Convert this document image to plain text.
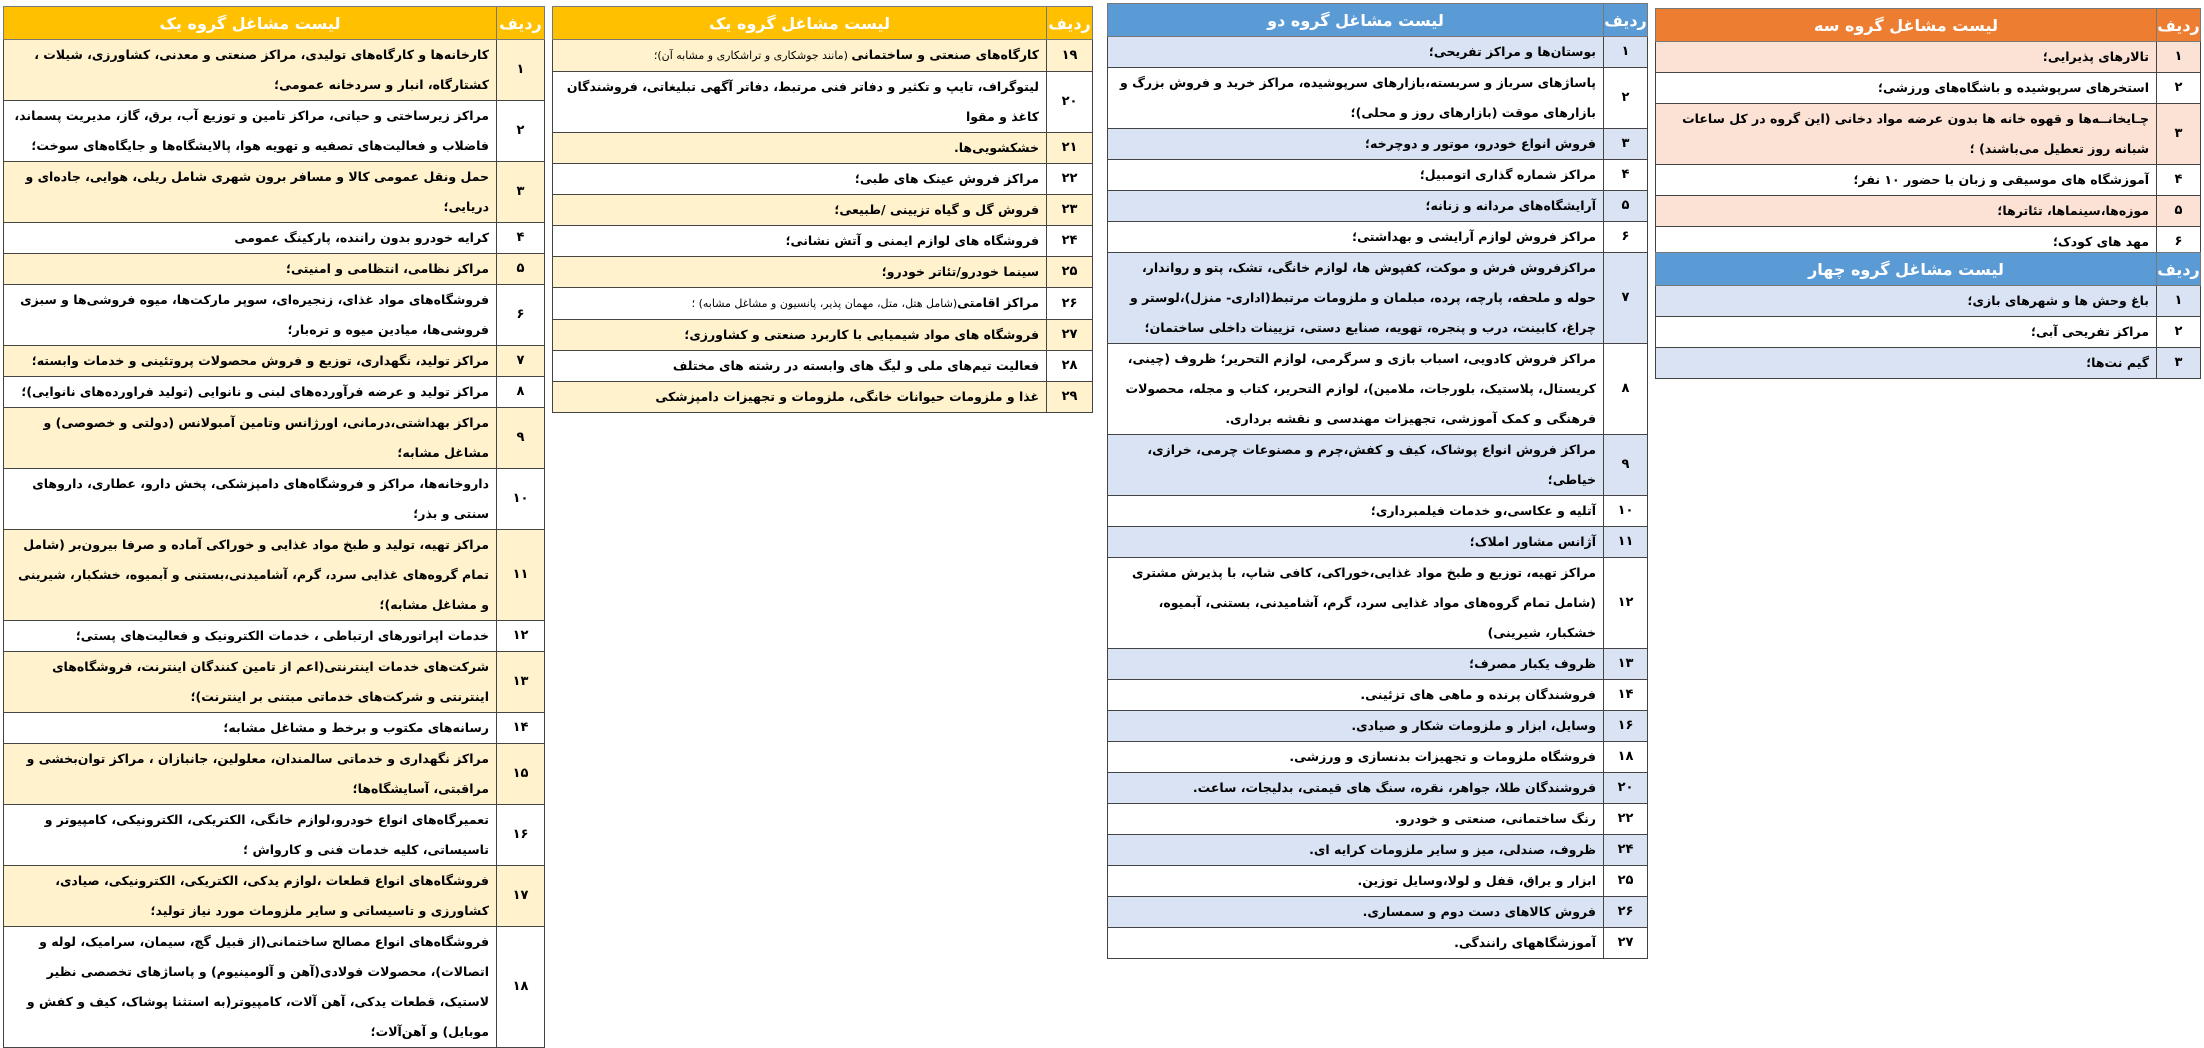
ردیف	لیست مشاغل گروه یک
۱	کارخانه‌ها و کارگاه‌های تولیدی، مراکز صنعتی و معدنی، کشاورزی، شیلات ، کشتارگاه، انبار و سردخانه عمومی؛
۲	مراکز زیرساختی و حیاتی، مراکز تامین و توزیع آب، برق، گاز، مدیریت پسماند، فاضلاب و فعالیت‌های تصفیه و تهویه هوا، پالایشگاه‌ها و جایگاه‌های سوخت؛
۳	حمل ونقل عمومی کالا و مسافر برون شهری شامل ریلی، هوایی، جاده‌ای و دریایی؛
۴	کرایه خودرو بدون راننده، پارکینگ عمومی
۵	مراکز نظامی، انتظامی و امنیتی؛
۶	فروشگاه‌های مواد غذای، زنجیره‌ای، سوپر مارکت‌ها، میوه فروشی‌ها و سبزی فروشی‌ها، میادین میوه و تره‌بار؛
۷	مراکز تولید، نگهداری، توزیع و فروش محصولات پروتئینی و خدمات وابسته؛
۸	مراکز تولید و عرضه فرآورده‌های لبنی و نانوایی (تولید فراورده‌های نانوایی)؛
۹	مراکز بهداشتی،درمانی، اورژانس وتامین آمبولانس (دولتی و خصوصی) و مشاغل مشابه؛
۱۰	داروخانه‌ها، مراکز و فروشگاه‌های دامپزشکی، پخش دارو، عطاری، داروهای سنتی و بذر؛
۱۱	مراکز تهیه، تولید و طبخ مواد غذایی و خوراکی آماده و صرفا بیرون‌بر (شامل تمام گروه‌های غذایی سرد، گرم، آشامیدنی،بستنی و آبمیوه، خشکبار، شیرینی و مشاغل مشابه)؛
۱۲	خدمات اپراتورهای ارتباطی ، خدمات الکترونیک و فعالیت‌های پستی؛
۱۳	شرکت‌های خدمات اینترنتی(اعم از تامین کنندگان اینترنت، فروشگاه‌های اینترنتی و شرکت‌های خدماتی مبتنی بر اینترنت)؛
۱۴	رسانه‌های مکتوب و برخط و مشاغل مشابه؛
۱۵	مراکز نگهداری و خدماتی سالمندان، معلولین، جانبازان ، مراکز توان‌بخشی و مراقبتی، آسایشگاه‌ها؛
۱۶	تعمیرگاه‌های انواع خودرو،لوازم خانگی، الکتریکی، الکترونیکی، کامپیوتر و تاسیساتی، کلیه خدمات فنی و کارواش ؛
۱۷	فروشگاه‌های انواع قطعات ،لوازم یدکی، الکتریکی، الکترونیکی، صیادی، کشاورزی و تاسیساتی و سایر ملزومات مورد نیاز تولید؛
۱۸	فروشگاه‌های انواع مصالح ساختمانی(از قبیل گچ، سیمان، سرامیک، لوله و اتصالات)، محصولات فولادی(آهن و آلومینیوم) و پاساژهای تخصصی نظیر لاستیک، قطعات یدکی، آهن آلات، کامپیوتر(به استثنا پوشاک، کیف و کفش و موبایل) و آهن‌آلات؛
ردیف	لیست مشاغل گروه یک
۱۹	کارگاه‌های صنعتی و ساختمانی (مانند جوشکاری و تراشکاری و مشابه آن)؛
۲۰	لیتوگراف، تایپ و تکثیر و دفاتر فنی مرتبط، دفاتر آگهی تبلیغاتی، فروشندگان کاغذ و مقوا
۲۱	خشکشویی‌ها.
۲۲	مراکز فروش عینک های طبی؛
۲۳	فروش گل و گیاه تزیینی /طبیعی؛
۲۴	فروشگاه های لوازم ایمنی و آتش نشانی؛
۲۵	سینما خودرو/تئاتر خودرو؛
۲۶	مراکز اقامتی(شامل هتل، متل، مهمان پذیر، پانسیون و مشاغل مشابه) ؛
۲۷	فروشگاه های مواد شیمیایی با کاربرد صنعتی و کشاورزی؛
۲۸	فعالیت تیم‌های ملی و لیگ های وابسته در رشته های مختلف
۲۹	غذا و ملزومات حیوانات خانگی، ملزومات و تجهیزات دامپزشکی
ردیف	لیست مشاغل گروه دو
۱	بوستان‌ها و مراکز تفریحی؛
۲	پاساژهای سرباز و سربسته،بازارهای سرپوشیده، مراکز خرید و فروش بزرگ و بازارهای موقت (بازارهای روز و محلی)؛
۳	فروش انواع خودرو، موتور و دوچرخه؛
۴	مراکز شماره گذاری اتومبیل؛
۵	آرایشگاه‌های مردانه و زنانه؛
۶	مراکز فروش لوازم آرایشی و بهداشتی؛
۷	مراکزفروش فرش و موکت، کفپوش ها، لوازم خانگی، تشک، پتو و رواندار، حوله و ملحفه، پارچه، پرده، مبلمان و ملزومات مرتبط(اداری- منزل)،لوستر و چراغ، کابینت، درب و پنجره، تهویه، صنایع دستی، تزیینات داخلی ساختمان؛
۸	مراکز فروش کادویی، اسباب بازی و سرگرمی، لوازم التحریر؛ ظروف (چینی، کریستال، پلاستیک، بلورجات، ملامین)، لوازم التحریر، کتاب و مجله، محصولات فرهنگی و کمک آموزشی، تجهیزات مهندسی و نقشه برداری.
۹	مراکز فروش انواع پوشاک، کیف و کفش،چرم و مصنوعات چرمی، خرازی، خیاطی؛
۱۰	آتلیه و عکاسی،و خدمات فیلمبرداری؛
۱۱	آژانس مشاور املاک؛
۱۲	مراکز تهیه، توزیع و طبخ مواد غذایی،خوراکی، کافی شاپ، با پذیرش مشتری (شامل تمام گروه‌های مواد غذایی سرد، گرم، آشامیدنی، بستنی، آبمیوه، خشکبار، شیرینی)
۱۳	ظروف یکبار مصرف؛
۱۴	فروشندگان پرنده و ماهی های تزئینی.
۱۶	وسایل، ابزار و ملزومات شکار و صیادی.
۱۸	فروشگاه ملزومات و تجهیزات بدنسازی و ورزشی.
۲۰	فروشندگان طلا، جواهر، نقره، سنگ های قیمتی، بدلیجات، ساعت.
۲۲	رنگ ساختمانی، صنعتی و خودرو.
۲۴	ظروف، صندلی، میز و سایر ملزومات کرایه ای.
۲۵	ابزار و یراق، قفل و لولا،وسایل توزین.
۲۶	فروش کالاهای دست دوم و سمساری.
۲۷	آموزشگاههای رانندگی.
ردیف	لیست مشاغل گروه سه
۱	تالارهای پذیرایی؛
۲	استخرهای سرپوشیده و باشگاه‌های ورزشی؛
۳	چـایخانــه‌ها و قهوه خانه ها بدون عرضه مواد دخانی (این گروه در کل ساعات شبانه روز تعطیل می‌باشند) ؛
۴	آموزشگاه های موسیقی و زبان با حضور ۱۰ نفر؛
۵	موزه‌ها،سینماها، تئاترها؛
۶	مهد های کودک؛
ردیف	لیست مشاغل گروه چهار
۱	باغ وحش ها و شهرهای بازی؛
۲	مراکز تفریحی آبی؛
۳	گیم نت‌ها؛
